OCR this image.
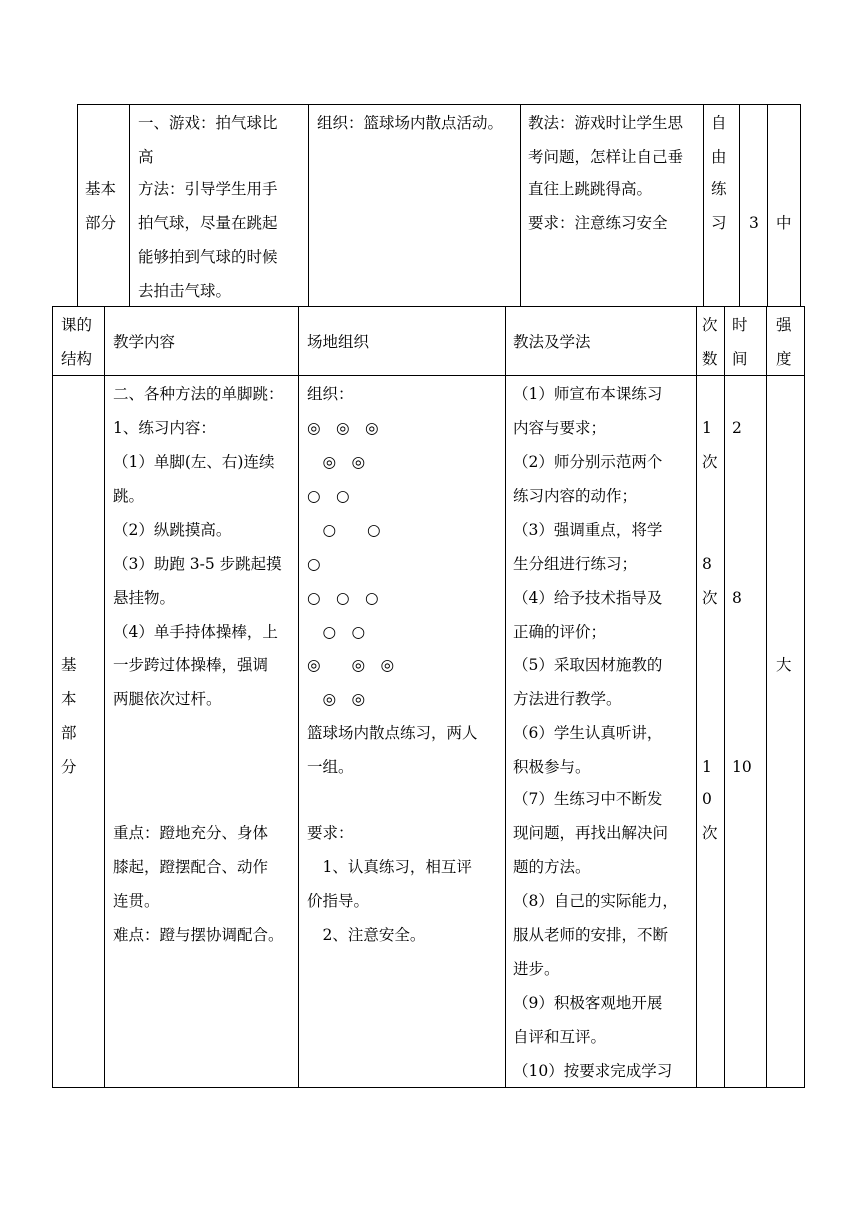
基本
部分
一、游戏：拍气球比
高
方法：引导学生用手
拍气球，尽量在跳起
能够拍到气球的时候
去拍击气球。
组织：篮球场内散点活动。 教法：游戏时让学生思
考问题，怎样让自己垂
直往上跳跳得高。
要求：注意练习安全
自
由
练
习 3 中
课的
结构
教学内容	场地组织	教法及学法
次
数
时
间
强
度
基
本
部
分
二、各种方法的单脚跳：
1、练习内容：
（1）单脚(左、右)连续
跳。
（2）纵跳摸高。
（3）助跑 3-5 步跳起摸
悬挂物。
（4）单手持体操棒，上
一步跨过体操棒，强调
两腿依次过杆。
重点：蹬地充分、身体
膝起，蹬摆配合、动作
连贯。
难点：蹬与摆协调配合。
组织：
◎　◎　◎
　◎　◎
○　○
　○　　○
○
○　○　○
　○　○
◎　　◎　◎
　◎　◎
篮球场内散点练习，两人
一组。
要求：
　1、认真练习，相互评
价指导。
　2、注意安全。
（1）师宣布本课练习
内容与要求；
（2）师分别示范两个
练习内容的动作；
（3）强调重点，将学
生分组进行练习；
（4）给予技术指导及
正确的评价；
（5）采取因材施教的
方法进行教学。
（6）学生认真听讲，
积极参与。
（7）生练习中不断发
现问题，再找出解决问
题的方法。
（8）自己的实际能力，
服从老师的安排，不断
进步。
（9）积极客观地开展
自评和互评。
（10）按要求完成学习
1
次
8
次
1
0
次
2
8
10
大
